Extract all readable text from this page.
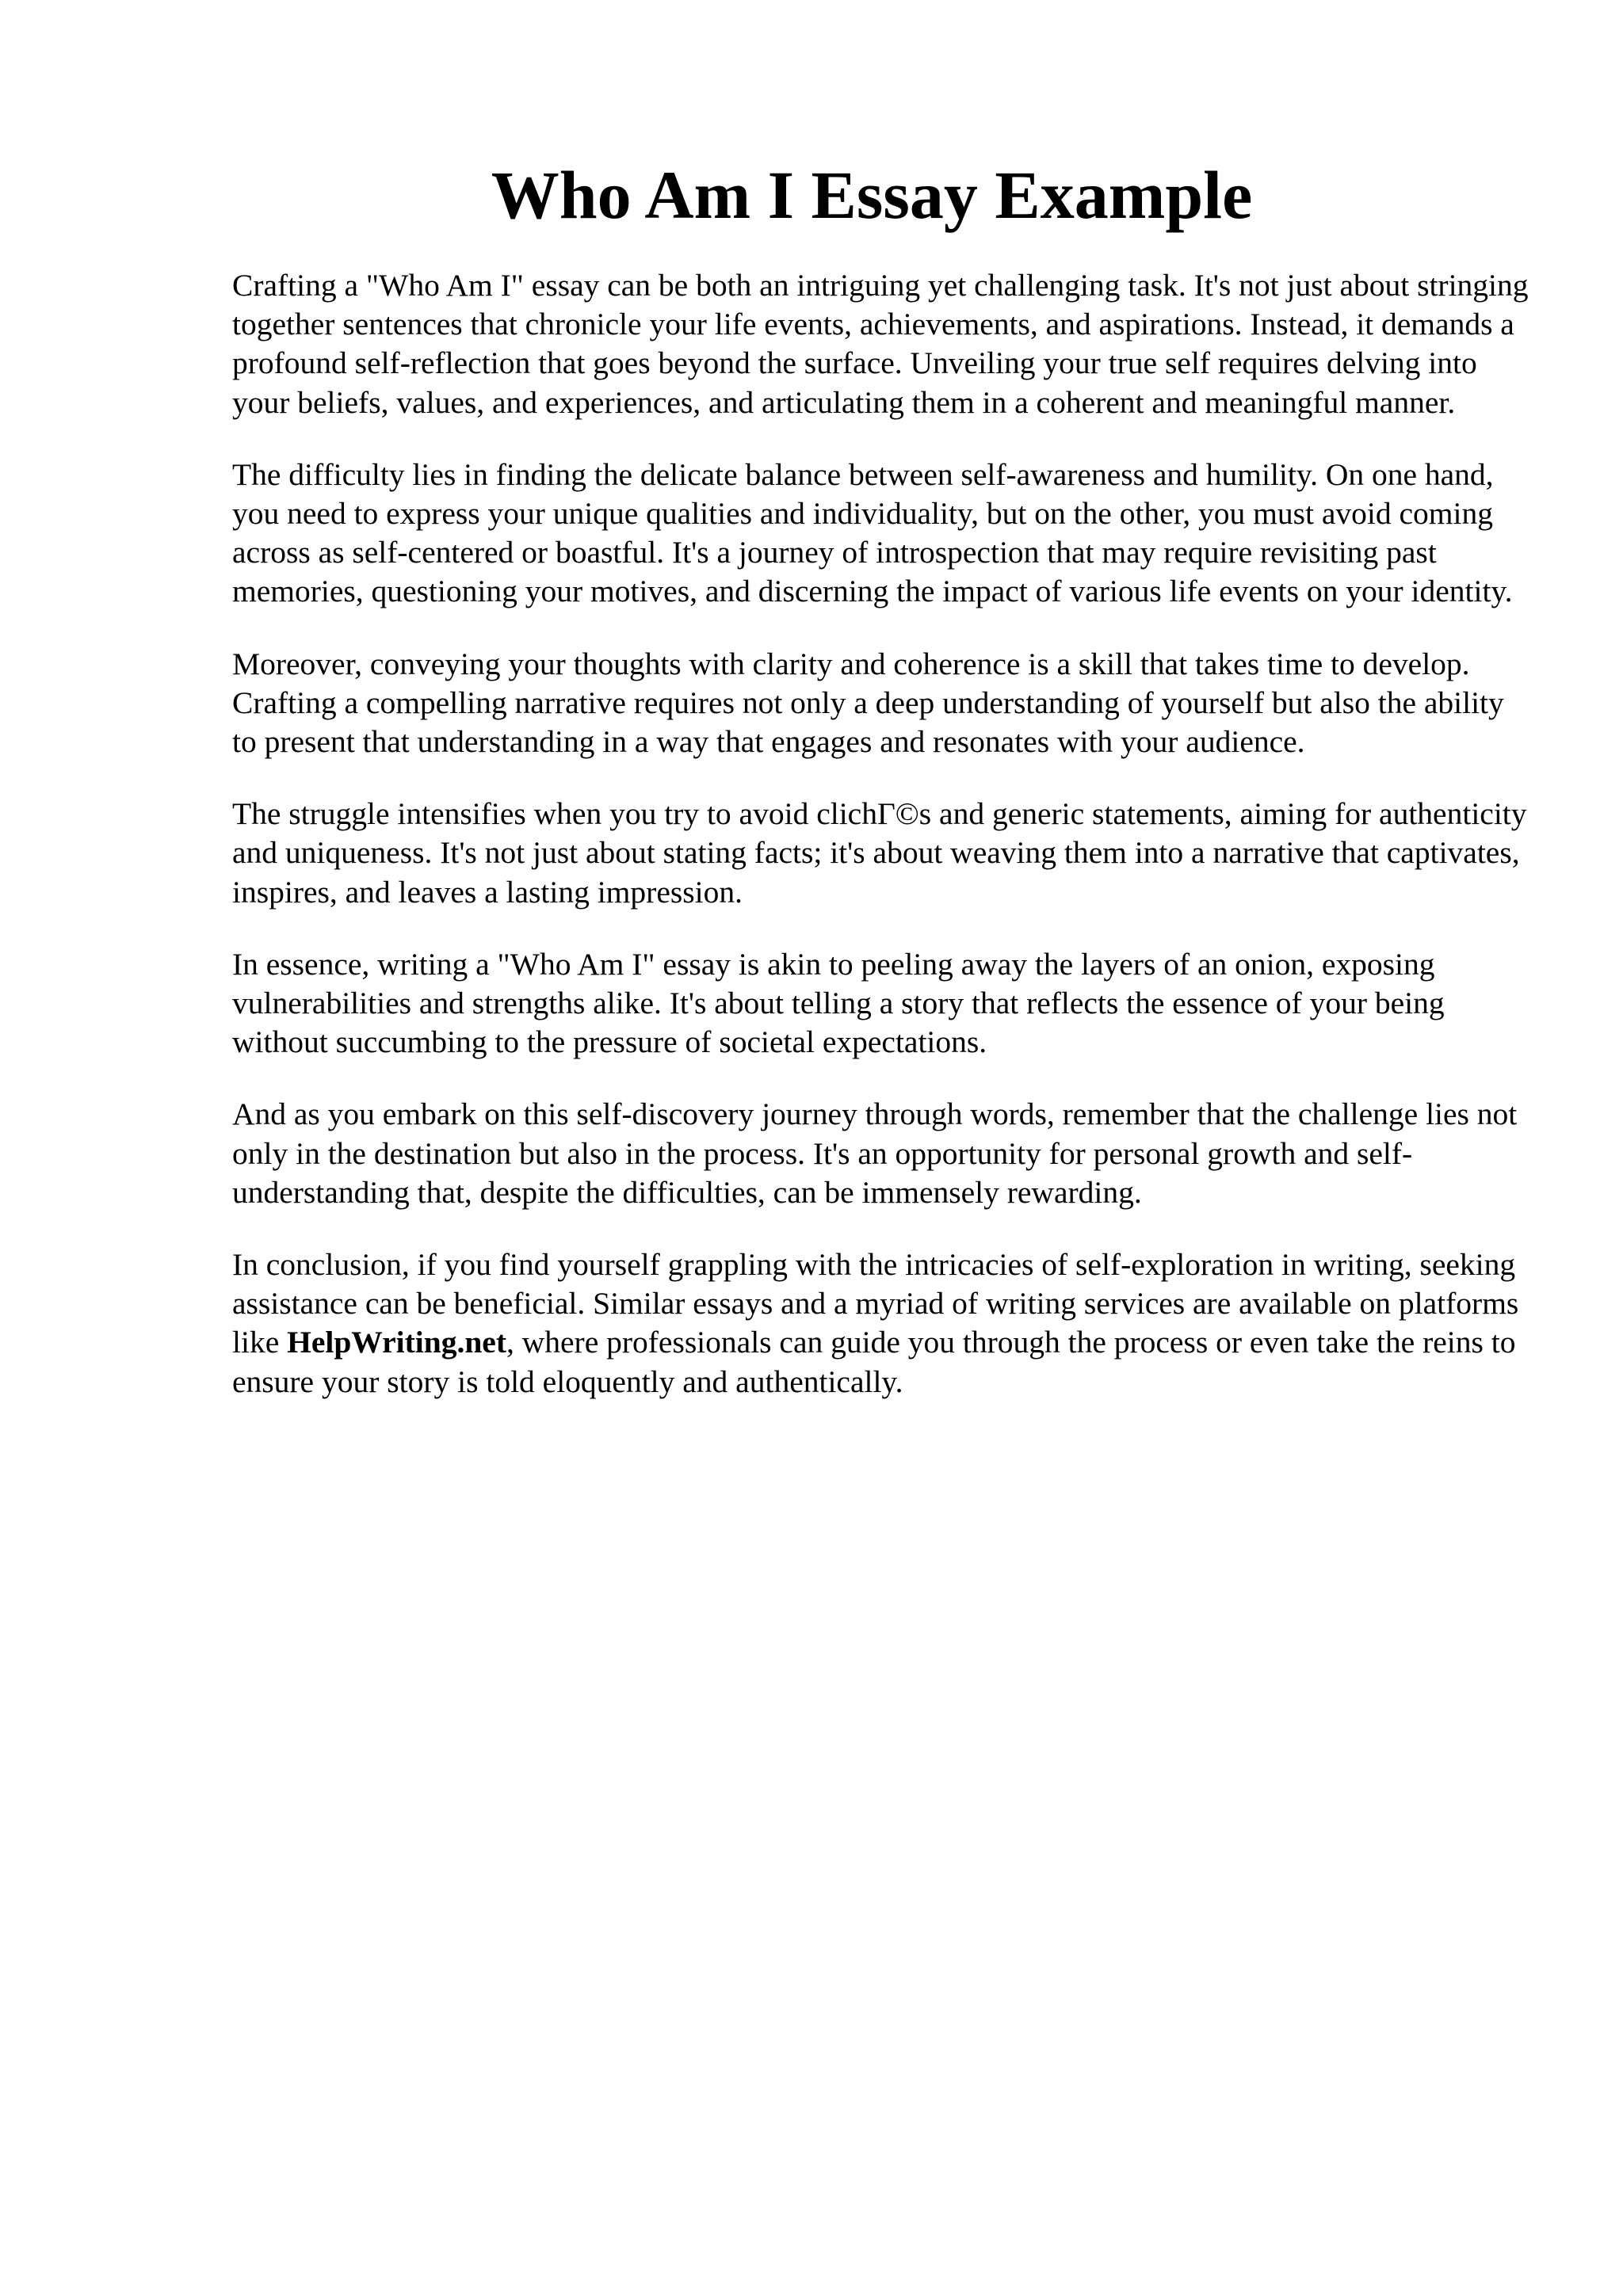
Who Am I Essay Example

Crafting a "Who Am I" essay can be both an intriguing yet challenging task. It's not just about stringing together sentences that chronicle your life events, achievements, and aspirations. Instead, it demands a profound self-reflection that goes beyond the surface. Unveiling your true self requires delving into your beliefs, values, and experiences, and articulating them in a coherent and meaningful manner.

The difficulty lies in finding the delicate balance between self-awareness and humility. On one hand, you need to express your unique qualities and individuality, but on the other, you must avoid coming across as self-centered or boastful. It's a journey of introspection that may require revisiting past memories, questioning your motives, and discerning the impact of various life events on your identity.

Moreover, conveying your thoughts with clarity and coherence is a skill that takes time to develop. Crafting a compelling narrative requires not only a deep understanding of yourself but also the ability to present that understanding in a way that engages and resonates with your audience.

The struggle intensifies when you try to avoid clichΓ©s and generic statements, aiming for authenticity and uniqueness. It's not just about stating facts; it's about weaving them into a narrative that captivates, inspires, and leaves a lasting impression.

In essence, writing a "Who Am I" essay is akin to peeling away the layers of an onion, exposing vulnerabilities and strengths alike. It's about telling a story that reflects the essence of your being without succumbing to the pressure of societal expectations.

And as you embark on this self-discovery journey through words, remember that the challenge lies not only in the destination but also in the process. It's an opportunity for personal growth and self-understanding that, despite the difficulties, can be immensely rewarding.

In conclusion, if you find yourself grappling with the intricacies of self-exploration in writing, seeking assistance can be beneficial. Similar essays and a myriad of writing services are available on platforms like HelpWriting.net, where professionals can guide you through the process or even take the reins to ensure your story is told eloquently and authentically.
